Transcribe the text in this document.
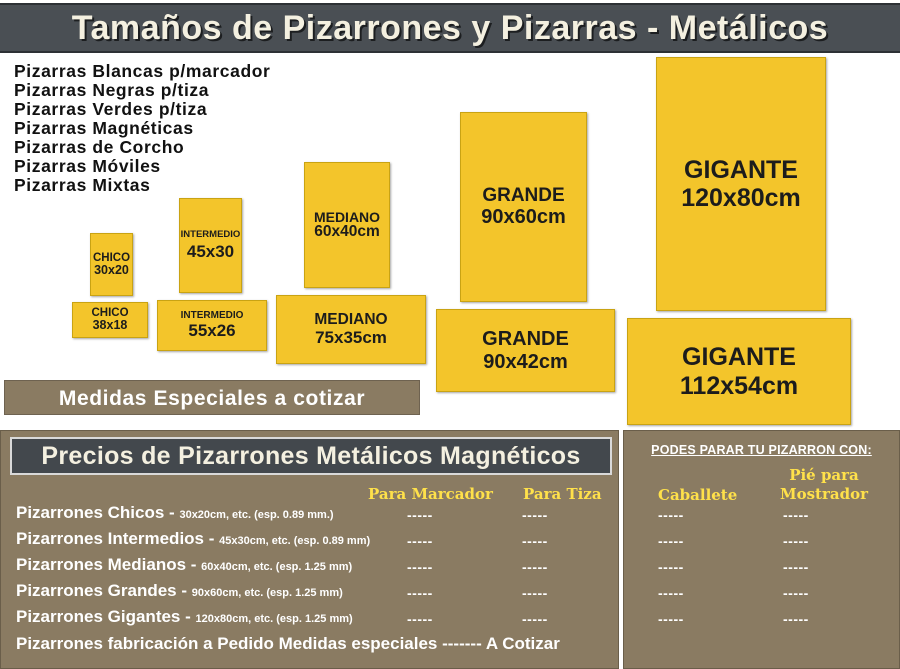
Tamaños de Pizarrones y Pizarras - Metálicos
Pizarras Blancas p/marcador
Pizarras Negras p/tiza
Pizarras Verdes p/tiza
Pizarras Magnéticas
Pizarras de Corcho
Pizarras Móviles
Pizarras Mixtas
CHICO
30x20
INTERMEDIO
45x30
MEDIANO
60x40cm
GRANDE
90x60cm
GIGANTE
120x80cm
CHICO
38x18
INTERMEDIO
55x26
MEDIANO
75x35cm	GRANDE
90x42cm	GIGANTE
112x54cm
Medidas Especiales a cotizar
Precios de Pizarrones Metálicos Magnéticos
Para Marcador Para Tiza
Pizarrones Chicos - 30x20cm, etc. (esp. 0.89 mm.)	-----	-----
Pizarrones Intermedios - 45x30cm, etc. (esp. 0.89 mm)	-----	-----
Pizarrones Medianos - 60x40cm, etc. (esp. 1.25 mm)	-----	-----
Pizarrones Grandes - 90x60cm, etc. (esp. 1.25 mm)	-----	-----
Pizarrones Gigantes - 120x80cm, etc. (esp. 1.25 mm)	-----	-----
Pizarrones fabricación a Pedido Medidas especiales ------- A Cotizar
PODES PARAR TU PIZARRON CON:
Caballete
Pié para
Mostrador
-----	-----
-----	-----
-----	-----
-----	-----
-----	-----
